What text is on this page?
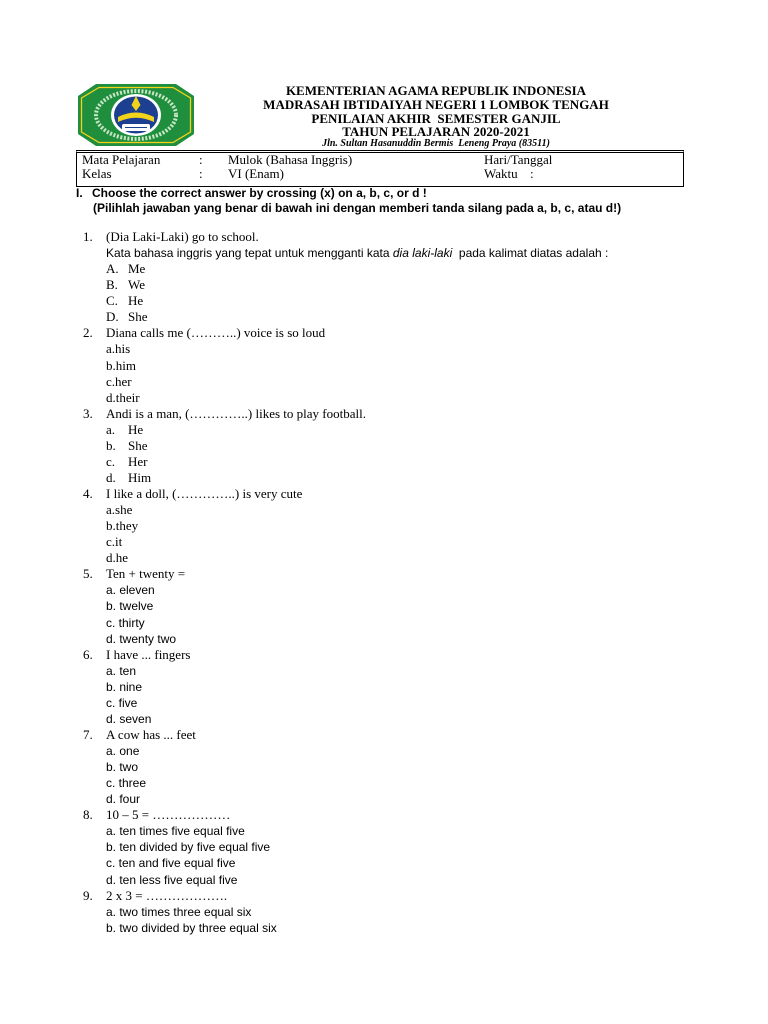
KEMENTERIAN AGAMA REPUBLIK INDONESIA
MADRASAH IBTIDAIYAH NEGERI 1 LOMBOK TENGAH
PENILAIAN AKHIR  SEMESTER GANJIL
TAHUN PELAJARAN 2020-2021
Jln. Sultan Hasanuddin Bermis  Leneng Praya (83511)
Mata Pelajaran	: Mulok (Bahasa Inggris)	Hari/Tanggal
Kelas	: VI (Enam)	Waktu :
I. Choose the correct answer by crossing (x) on a, b, c, or d !
(Pilihlah jawaban yang benar di bawah ini dengan memberi tanda silang pada a, b, c, atau d!)
1. (Dia Laki-Laki) go to school.
Kata bahasa inggris yang tepat untuk mengganti kata dia laki-laki  pada kalimat diatas adalah :
A. Me
B. We
C. He
D. She
2. Diana calls me (………..) voice is so loud
a.his
b.him
c.her
d.their
3. Andi is a man, (…………..) likes to play football.
a. He
b. She
c. Her
d. Him
4. I like a doll, (…………..) is very cute
a.she
b.they
c.it
d.he
5. Ten + twenty =
a. eleven
b. twelve
c. thirty
d. twenty two
6. I have ... fingers
a. ten
b. nine
c. five
d. seven
7. A cow has ... feet
a. one
b. two
c. three
d. four
8. 10 – 5 = ………………
a. ten times five equal five
b. ten divided by five equal five
c. ten and five equal five
d. ten less five equal five
9. 2 x 3 = ……………….
a. two times three equal six
b. two divided by three equal six
